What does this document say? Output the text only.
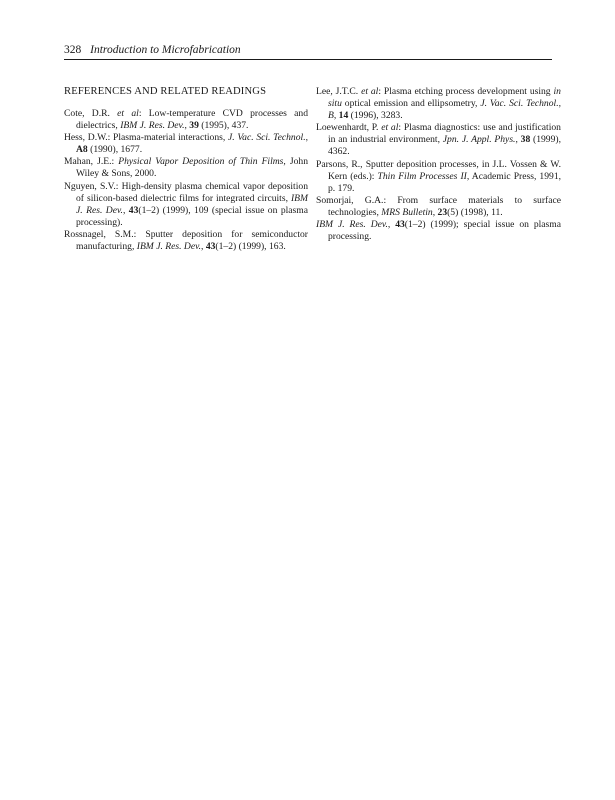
328 Introduction to Microfabrication
REFERENCES AND RELATED READINGS

Cote, D.R. et al: Low-temperature CVD processes and dielectrics, IBM J. Res. Dev., 39 (1995), 437.

Hess, D.W.: Plasma-material interactions, J. Vac. Sci. Technol., A8 (1990), 1677.

Mahan, J.E.: Physical Vapor Deposition of Thin Films, John Wiley & Sons, 2000.

Nguyen, S.V.: High-density plasma chemical vapor deposition of silicon-based dielectric films for integrated circuits, IBM J. Res. Dev., 43(1–2) (1999), 109 (special issue on plasma processing).

Rossnagel, S.M.: Sputter deposition for semiconductor manufacturing, IBM J. Res. Dev., 43(1–2) (1999), 163.

Lee, J.T.C. et al: Plasma etching process development using in situ optical emission and ellipsometry, J. Vac. Sci. Technol., B, 14 (1996), 3283.

Loewenhardt, P. et al: Plasma diagnostics: use and justification in an industrial environment, Jpn. J. Appl. Phys., 38 (1999), 4362.

Parsons, R., Sputter deposition processes, in J.L. Vossen & W. Kern (eds.): Thin Film Processes II, Academic Press, 1991, p. 179.

Somorjai, G.A.: From surface materials to surface technologies, MRS Bulletin, 23(5) (1998), 11.

IBM J. Res. Dev., 43(1–2) (1999); special issue on plasma processing.
